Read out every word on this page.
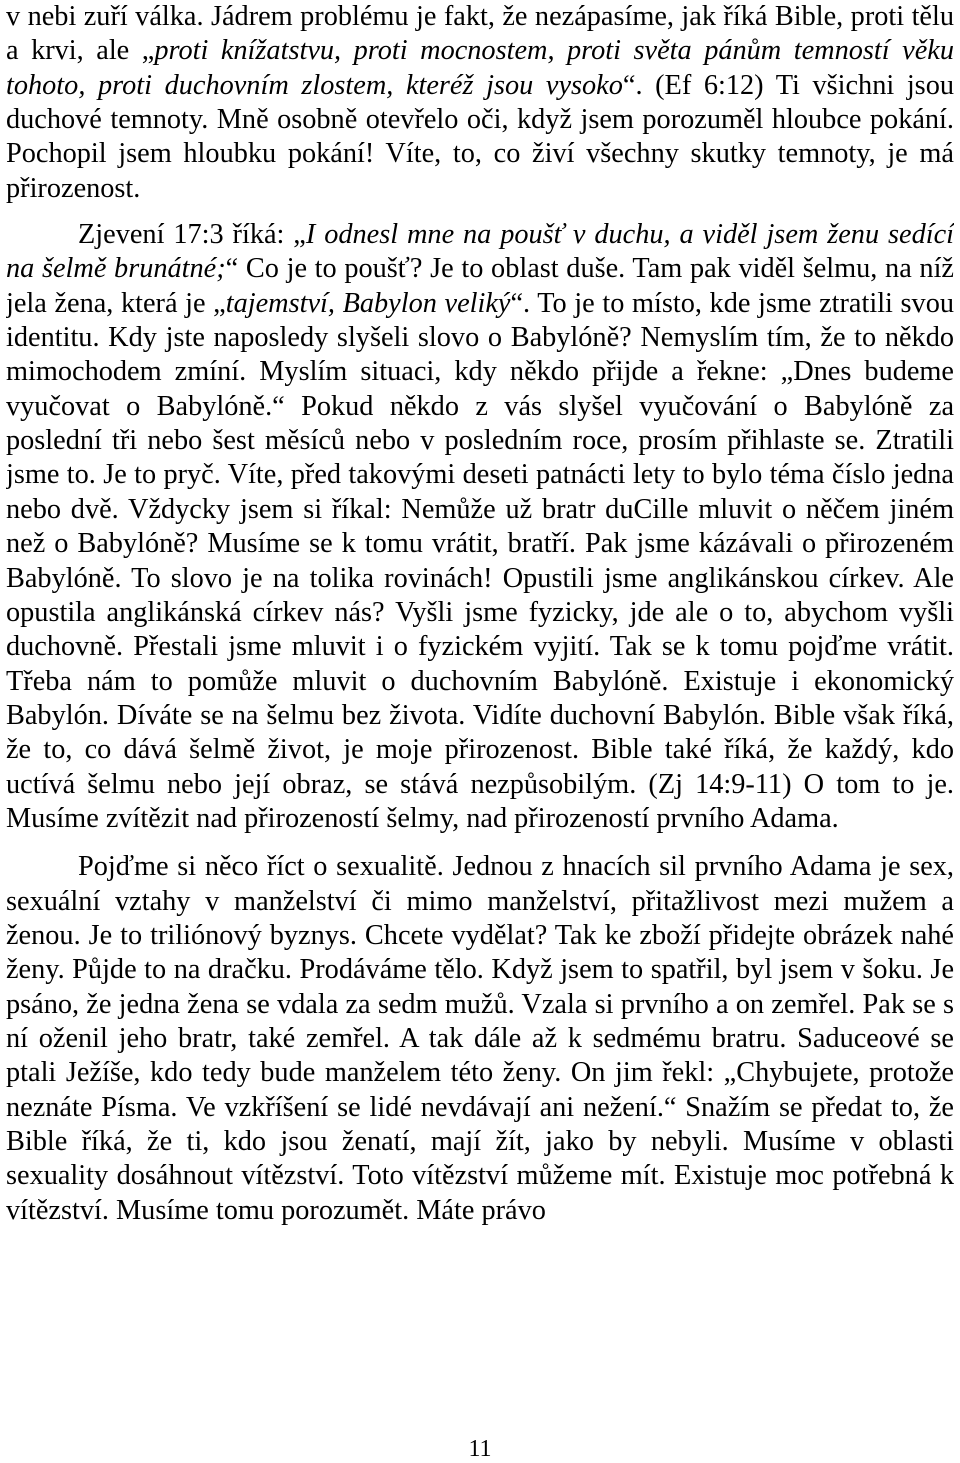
v nebi zuří válka. Jádrem problému je fakt, že nezápasíme, jak říká Bible, proti tělu a krvi, ale „proti knížatstvu, proti mocnostem, proti světa pánům temností věku tohoto, proti duchovním zlostem, kteréž jsou vysoko“. (Ef 6:12) Ti všichni jsou duchové temnoty. Mně osobně otevřelo oči, když jsem porozuměl hloubce pokání. Pochopil jsem hloubku pokání! Víte, to, co živí všechny skutky temnoty, je má přirozenost.

Zjevení 17:3 říká: „I odnesl mne na poušť v duchu, a viděl jsem ženu sedící na šelmě brunátné;“ Co je to poušť? Je to oblast duše. Tam pak viděl šelmu, na níž jela žena, která je „tajemství, Babylon veliký“. To je to místo, kde jsme ztratili svou identitu. Kdy jste naposledy slyšeli slovo o Babylóně? Nemyslím tím, že to někdo mimochodem zmíní. Myslím situaci, kdy někdo přijde a řekne: „Dnes budeme vyučovat o Babylóně.“ Pokud někdo z vás slyšel vyučování o Babylóně za poslední tři nebo šest měsíců nebo v posledním roce, prosím přihlaste se. Ztratili jsme to. Je to pryč. Víte, před takovými deseti patnácti lety to bylo téma číslo jedna nebo dvě. Vždycky jsem si říkal: Nemůže už bratr duCille mluvit o něčem jiném než o Babylóně? Musíme se k tomu vrátit, bratří. Pak jsme kázávali o přirozeném Babylóně. To slovo je na tolika rovinách! Opustili jsme anglikánskou církev. Ale opustila anglikánská církev nás? Vyšli jsme fyzicky, jde ale o to, abychom vyšli duchovně. Přestali jsme mluvit i o fyzickém vyjití. Tak se k tomu pojďme vrátit. Třeba nám to pomůže mluvit o duchovním Babylóně. Existuje i ekonomický Babylón. Díváte se na šelmu bez života. Vidíte duchovní Babylón. Bible však říká, že to, co dává šelmě život, je moje přirozenost. Bible také říká, že každý, kdo uctívá šelmu nebo její obraz, se stává nezpůsobilým. (Zj 14:9-11) O tom to je. Musíme zvítězit nad přirozeností šelmy, nad přirozeností prvního Adama.

Pojďme si něco říct o sexualitě. Jednou z hnacích sil prvního Adama je sex, sexuální vztahy v manželství či mimo manželství, přitažlivost mezi mužem a ženou. Je to triliónový byznys. Chcete vydělat? Tak ke zboží přidejte obrázek nahé ženy. Půjde to na dračku. Prodáváme tělo. Když jsem to spatřil, byl jsem v šoku. Je psáno, že jedna žena se vdala za sedm mužů. Vzala si prvního a on zemřel. Pak se s ní oženil jeho bratr, také zemřel. A tak dále až k sedmému bratru. Saduceové se ptali Ježíše, kdo tedy bude manželem této ženy. On jim řekl: „Chybujete, protože neznáte Písma. Ve vzkříšení se lidé nevdávají ani nežení.“ Snažím se předat to, že Bible říká, že ti, kdo jsou ženatí, mají žít, jako by nebyli. Musíme v oblasti sexuality dosáhnout vítězství. Toto vítězství můžeme mít. Existuje moc potřebná k vítězství. Musíme tomu porozumět. Máte právo

11
